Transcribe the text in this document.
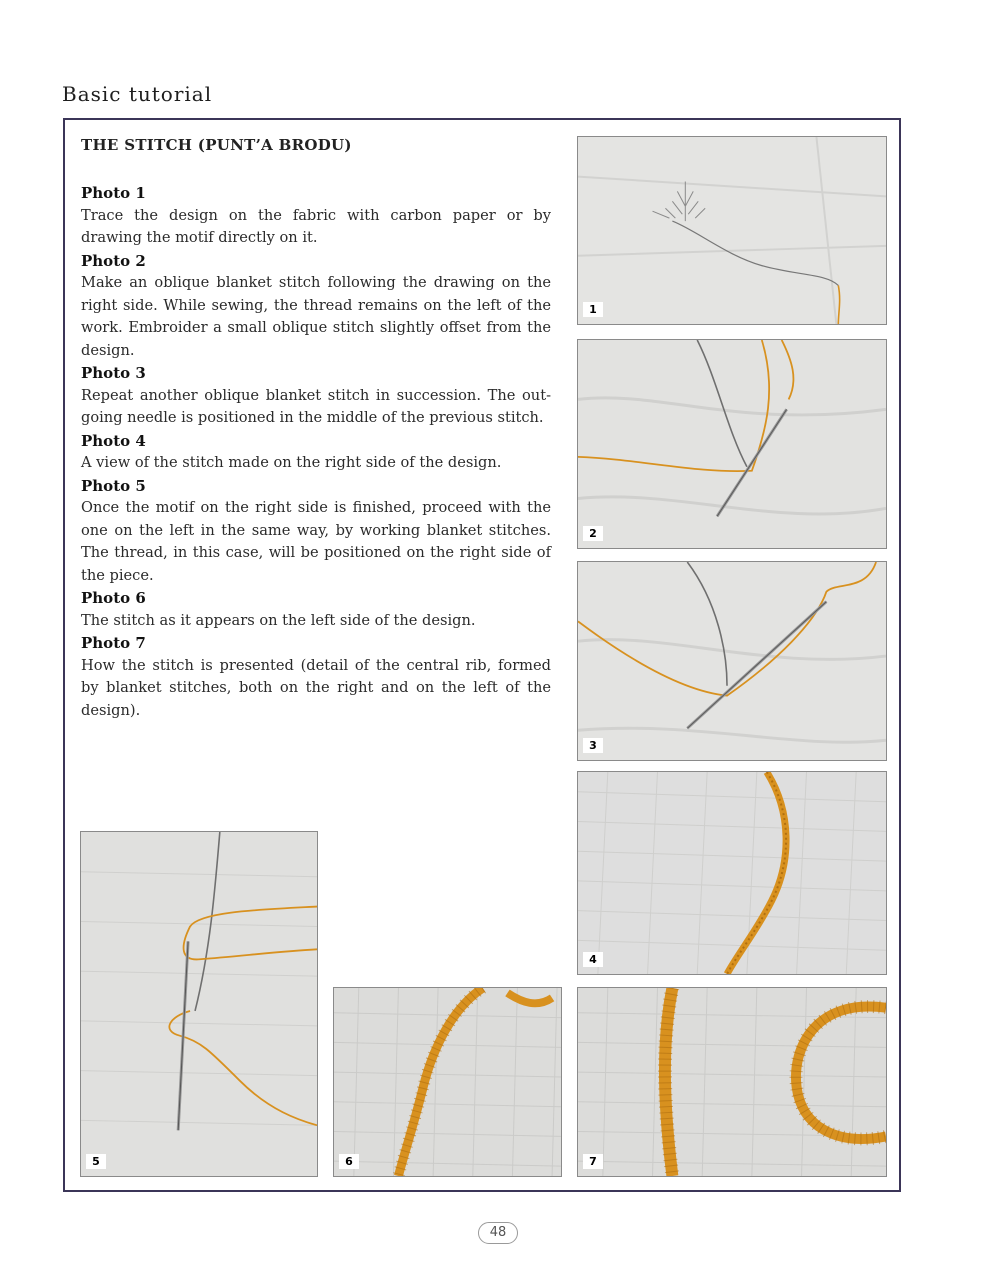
Basic tutorial
THE STITCH (PUNT’A BRODU)
Photo 1
Trace the design on the fabric with carbon paper or by drawing the motif directly on it.
Photo 2
Make an oblique blanket stitch following the drawing on the right side. While sewing, the thread remains on the left of the work. Embroider a small oblique stitch slightly offset from the design.
Photo 3
Repeat another oblique blanket stitch in succession. The out-going needle is positioned in the middle of the previous stitch.
Photo 4
A view of the stitch made on the right side of the design.
Photo 5
Once the motif on the right side is finished, proceed with the one on the left in the same way, by working blanket stitches. The thread, in this case, will be positioned on the right side of the piece.
Photo 6
The stitch as it appears on the left side of the design.
Photo 7
How the stitch is presented (detail of the central rib, formed by blanket stitches, both on the right and on the left of the design).
1
2
3
4
5	6	7
48
